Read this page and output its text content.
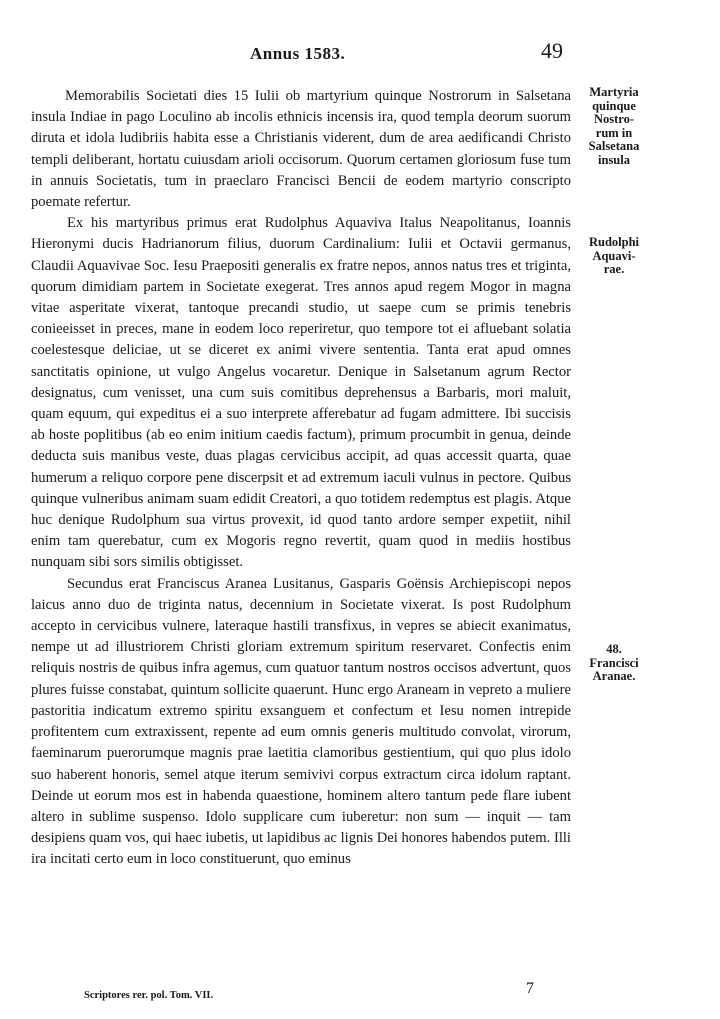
Annus 1583.	49

Memorabilis Societati dies 15 Iulii ob martyrium quinque Nostrorum in Salsetana insula Indiae in pago Loculino ab incolis ethnicis incensis ira, quod templa deorum suorum diruta et idola ludibriis habita esse a Christianis viderent, dum de area aedificandi Christo templi deliberant, hortatu cuiusdam arioli occisorum. Quorum certamen gloriosum fuse tum in annuis Societatis, tum in praeclaro Francisci Bencii de eodem martyrio conscripto poemate refertur.

Ex his martyribus primus erat Rudolphus Aquaviva Italus Neapolitanus, Ioannis Hieronymi ducis Hadrianorum filius, duorum Cardinalium: Iulii et Octavii germanus, Claudii Aquavivae Soc. Iesu Praepositi generalis ex fratre nepos, annos natus tres et triginta, quorum dimidiam partem in Societate exegerat. Tres annos apud regem Mogor in magna vitae asperitate vixerat, tantoque precandi studio, ut saepe cum se primis tenebris conieeisset in preces, mane in eodem loco reperiretur, quo tempore tot ei afluebant solatia coelestesque deliciae, ut se diceret ex animi vivere sententia. Tanta erat apud omnes sanctitatis opinione, ut vulgo Angelus vocaretur. Denique in Salsetanum agrum Rector designatus, cum venisset, una cum suis comitibus deprehensus a Barbaris, mori maluit, quam equum, qui expeditus ei a suo interprete afferebatur ad fugam admittere. Ibi succisis ab hoste poplitibus (ab eo enim initium caedis factum), primum procumbit in genua, deinde deducta suis manibus veste, duas plagas cervicibus accipit, ad quas accessit quarta, quae humerum a reliquo corpore pene discerpsit et ad extremum iaculi vulnus in pectore. Quibus quinque vulneribus animam suam edidit Creatori, a quo totidem redemptus est plagis. Atque huc denique Rudolphum sua virtus provexit, id quod tanto ardore semper expetiit, nihil enim tam querebatur, cum ex Mogoris regno revertit, quam quod in mediis hostibus nunquam sibi sors similis obtigisset.

Secundus erat Franciscus Aranea Lusitanus, Gasparis Goënsis Archiepiscopi nepos laicus anno duo de triginta natus, decennium in Societate vixerat. Is post Rudolphum accepto in cervicibus vulnere, lateraque hastili transfixus, in vepres se abiecit exanimatus, nempe ut ad illustriorem Christi gloriam extremum spiritum reservaret. Confectis enim reliquis nostris de quibus infra agemus, cum quatuor tantum nostros occisos advertunt, quos plures fuisse constabat, quintum sollicite quaerunt. Hunc ergo Araneam in vepreto a muliere pastoritia indicatum extremo spiritu exsanguem et confectum et Iesu nomen intrepide profitentem cum extraxissent, repente ad eum omnis generis multitudo convolat, virorum, faeminarum puerorumque magnis prae laetitia clamoribus gestientium, qui quo plus idolo suo haberent honoris, semel atque iterum semivivi corpus extractum circa idolum raptant. Deinde ut eorum mos est in habenda quaestione, hominem altero tantum pede flare iubent altero in sublime suspenso. Idolo supplicare cum iuberetur: non sum — inquit — tam desipiens quam vos, qui haec iubetis, ut lapidibus ac lignis Dei honores habendos putem. Illi ira incitati certo eum in loco constituerunt, quo eminus

Martyria
quinque
Nostro-
rum in
Salsetana
insula
Rudolphi
Aquavi-
rae.
48.
Francisci
Aranae.
Scriptores rer. pol. Tom. VII.	7
